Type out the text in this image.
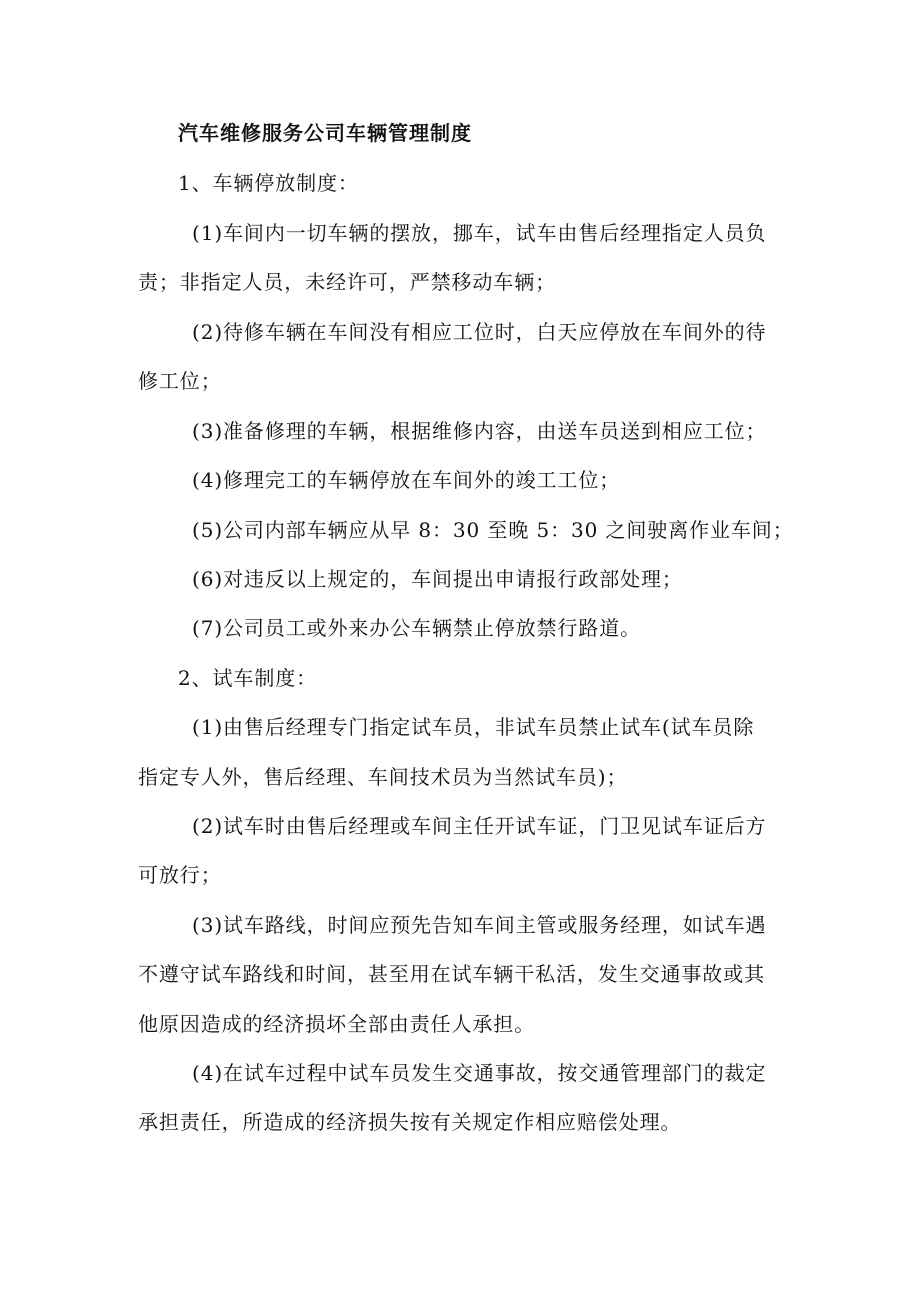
汽车维修服务公司车辆管理制度
1、车辆停放制度：
(1)车间内一切车辆的摆放，挪车，试车由售后经理指定人员负
责；非指定人员，未经许可，严禁移动车辆；
(2)待修车辆在车间没有相应工位时，白天应停放在车间外的待
修工位；
(3)准备修理的车辆，根据维修内容，由送车员送到相应工位；
(4)修理完工的车辆停放在车间外的竣工工位；
(5)公司内部车辆应从早 8：30 至晚 5：30 之间驶离作业车间；
(6)对违反以上规定的，车间提出申请报行政部处理；
(7)公司员工或外来办公车辆禁止停放禁行路道。
2、试车制度：
(1)由售后经理专门指定试车员，非试车员禁止试车(试车员除
指定专人外，售后经理、车间技术员为当然试车员)；
(2)试车时由售后经理或车间主任开试车证，门卫见试车证后方
可放行；
(3)试车路线，时间应预先告知车间主管或服务经理，如试车遇
不遵守试车路线和时间，甚至用在试车辆干私活，发生交通事故或其
他原因造成的经济损坏全部由责任人承担。
(4)在试车过程中试车员发生交通事故，按交通管理部门的裁定
承担责任，所造成的经济损失按有关规定作相应赔偿处理。
